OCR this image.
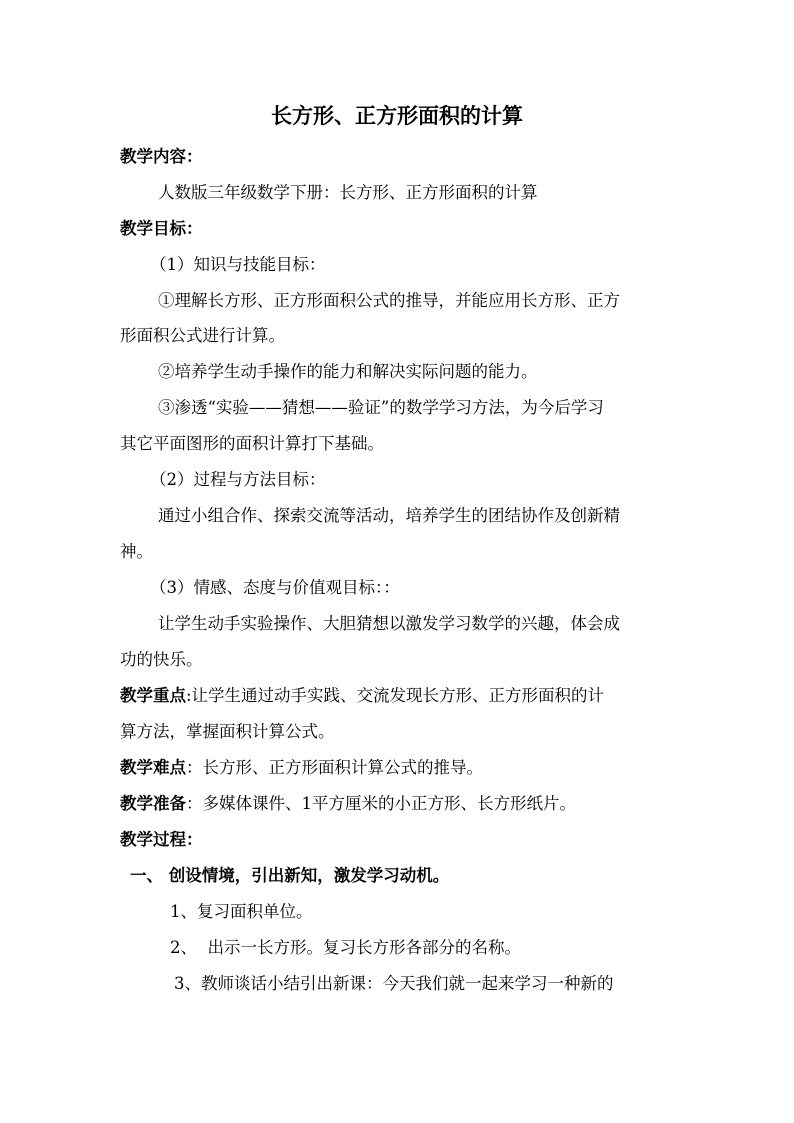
长方形、正方形面积的计算
教学内容：
人数版三年级数学下册：长方形、正方形面积的计算
教学目标：
（1）知识与技能目标：
①理解长方形、正方形面积公式的推导，并能应用长方形、正方
形面积公式进行计算。
②培养学生动手操作的能力和解决实际问题的能力。
③渗透“实验——猜想——验证”的数学学习方法，为今后学习
其它平面图形的面积计算打下基础。
（2）过程与方法目标：
通过小组合作、探索交流等活动，培养学生的团结协作及创新精
神。
（3）情感、态度与价值观目标：：
让学生动手实验操作、大胆猜想以激发学习数学的兴趣，体会成
功的快乐。
教学重点:让学生通过动手实践、交流发现长方形、正方形面积的计
算方法，掌握面积计算公式。
教学难点：长方形、正方形面积计算公式的推导。
教学准备：多媒体课件、1平方厘米的小正方形、长方形纸片。
教学过程：
一、 创设情境，引出新知，激发学习动机。
1、复习面积单位。
2、  出示一长方形。复习长方形各部分的名称。
3、教师谈话小结引出新课：今天我们就一起来学习一种新的
